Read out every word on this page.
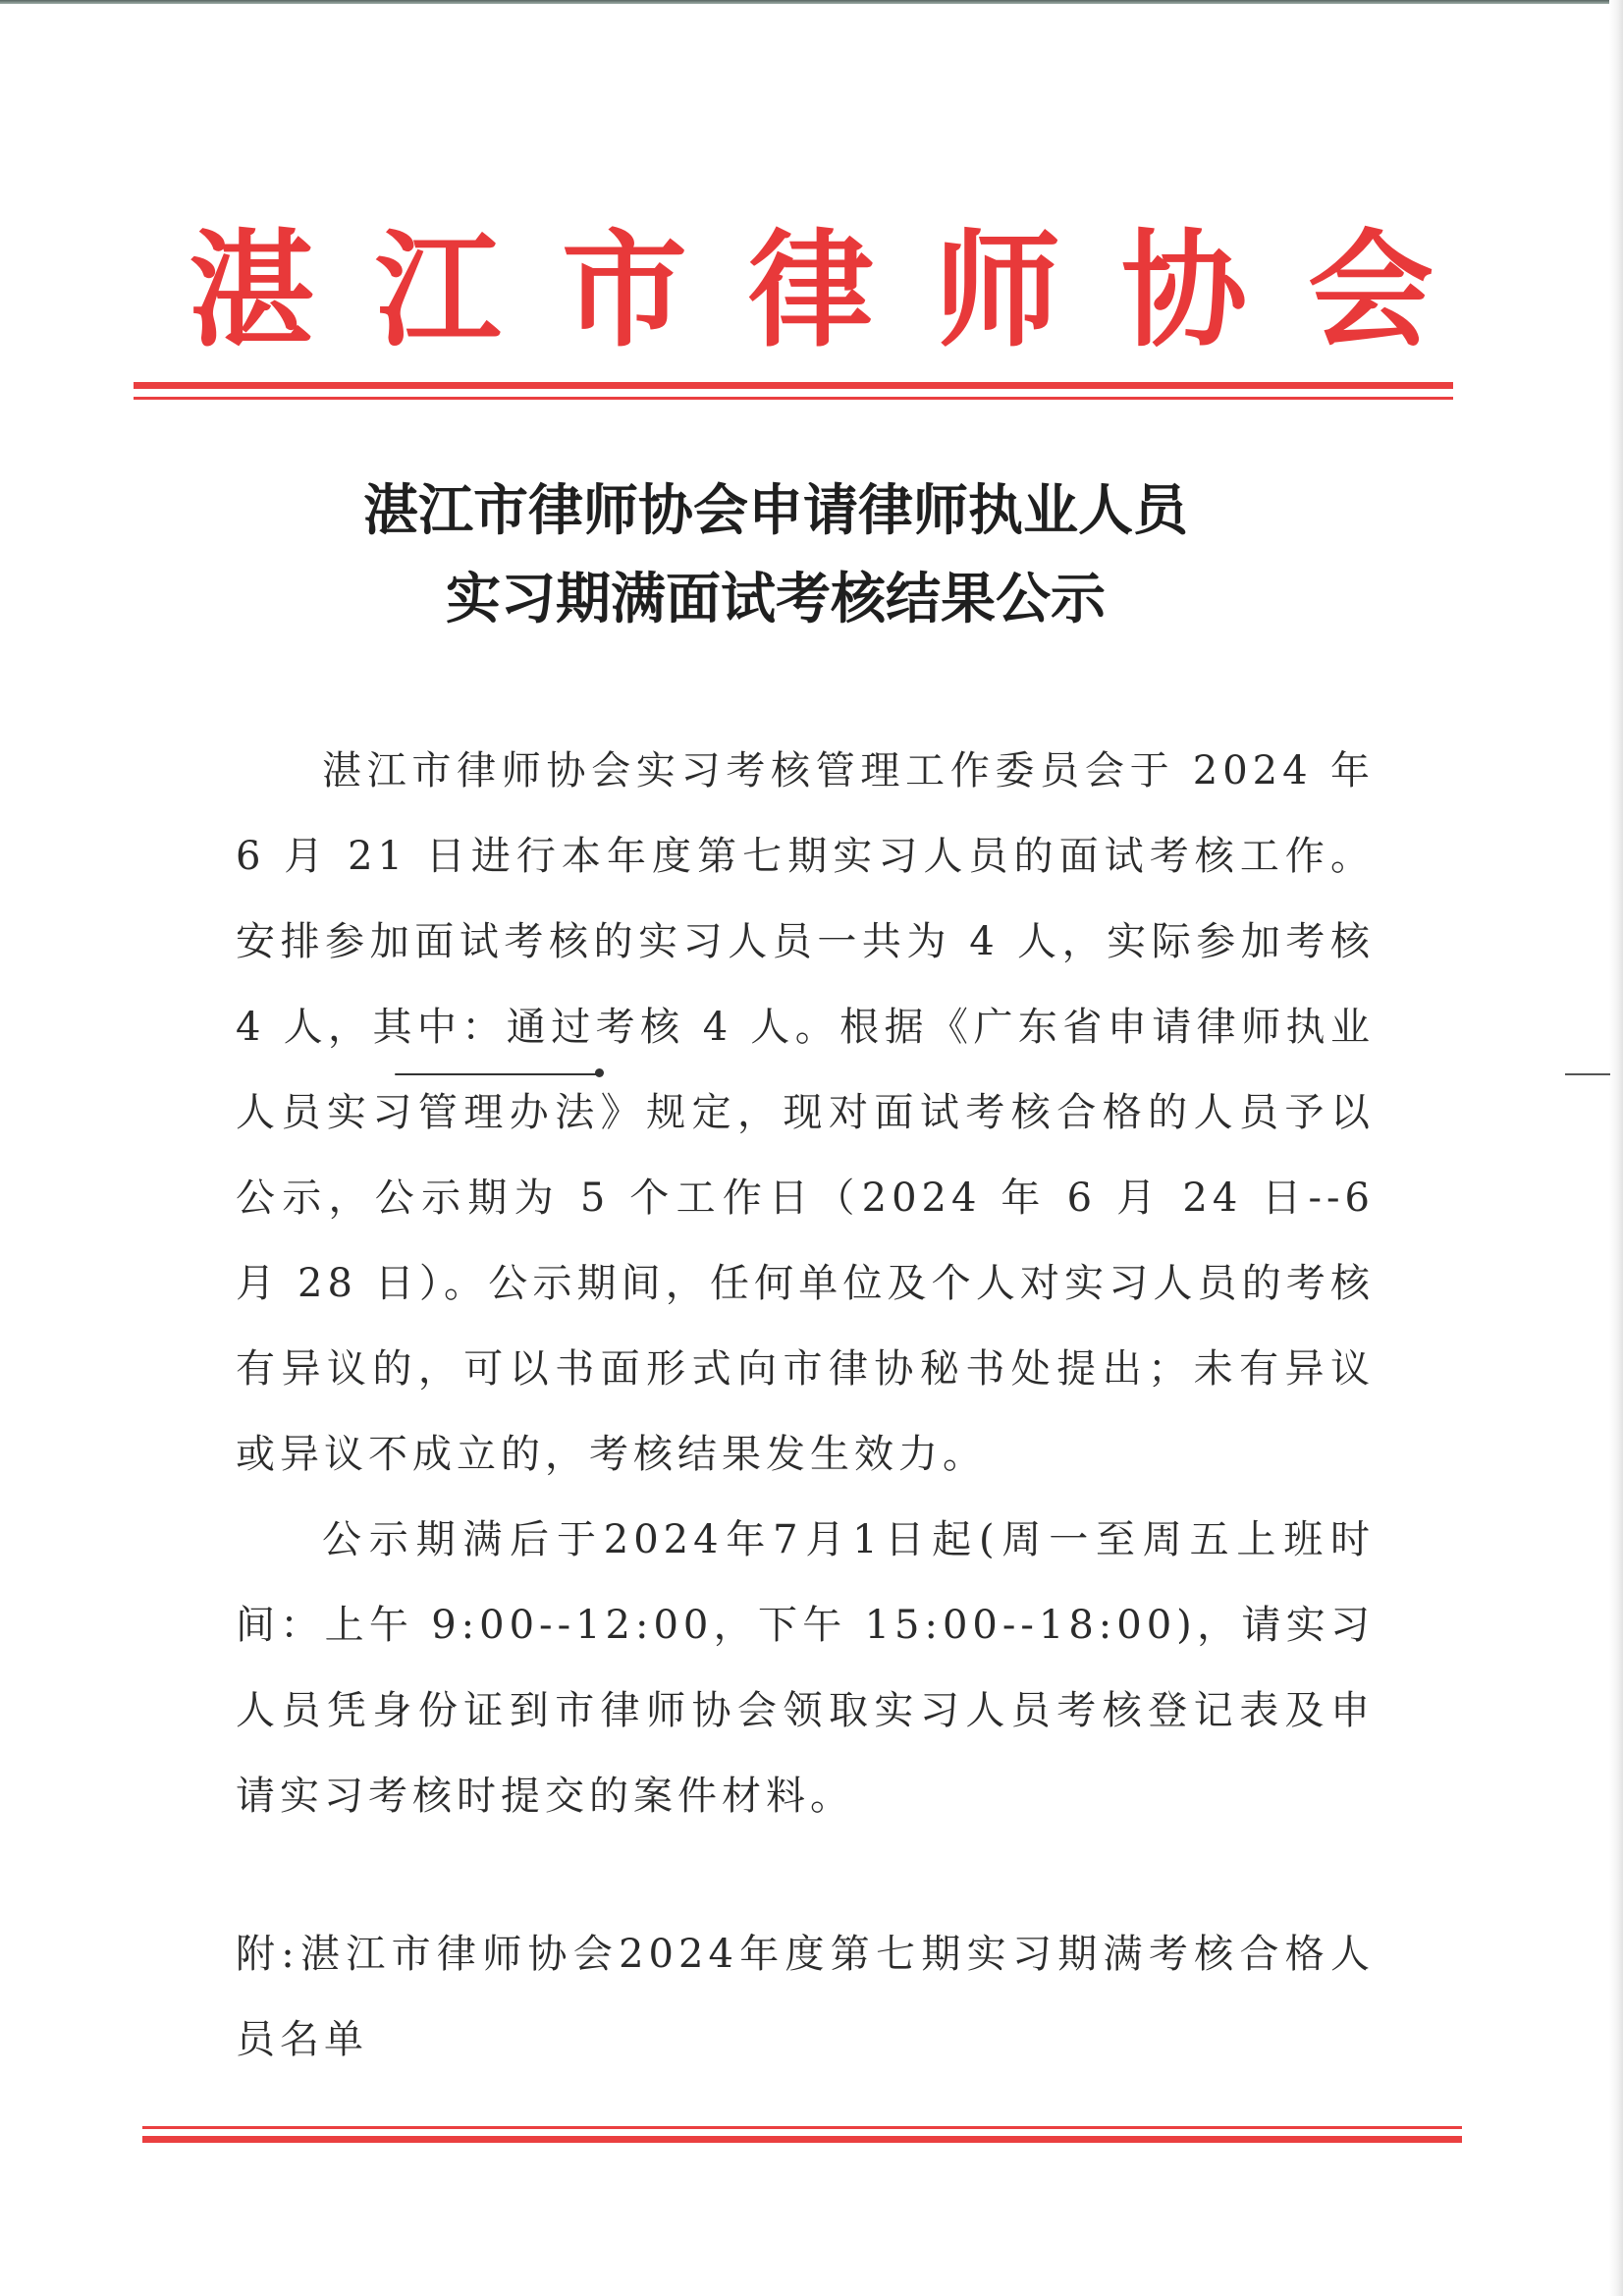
湛江市律师协会
湛江市律师协会申请律师执业人员
实习期满面试考核结果公示

湛江市律师协会实习考核管理工作委员会于 2024 年 6 月 21 日进行本年度第七期实习人员的面试考核工作。安排参加面试考核的实习人员一共为 4 人，实际参加考核 4 人，其中：通过考核 4 人。根据《广东省申请律师执业人员实习管理办法》规定，现对面试考核合格的人员予以公示，公示期为 5 个工作日（2024 年 6 月 24 日--6 月 28 日）。公示期间，任何单位及个人对实习人员的考核有异议的，可以书面形式向市律协秘书处提出；未有异议或异议不成立的，考核结果发生效力。

公示期满后于2024年7月1日起(周一至周五上班时间：上午 9:00--12:00，下午 15:00--18:00)，请实习人员凭身份证到市律师协会领取实习人员考核登记表及申请实习考核时提交的案件材料。

附:湛江市律师协会2024年度第七期实习期满考核合格人员名单
